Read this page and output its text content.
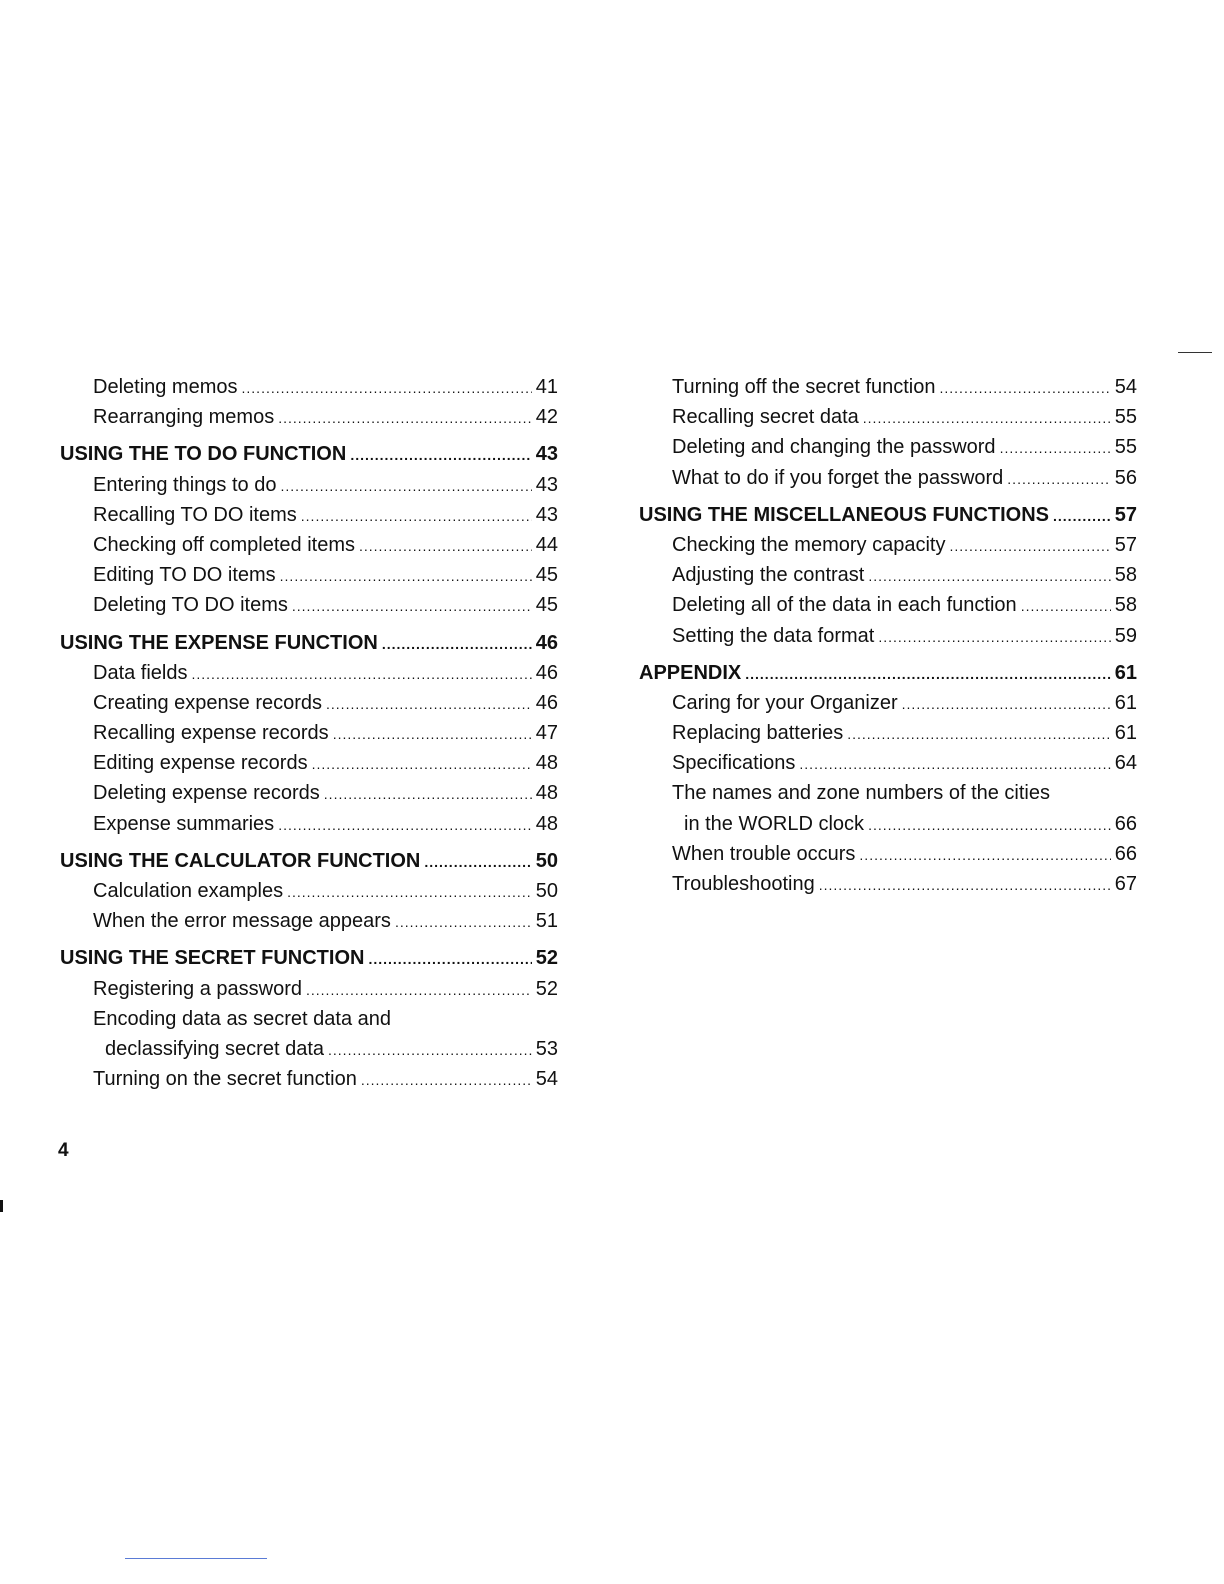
Deleting memos .....	41
Rearranging memos .....	42
USING THE TO DO FUNCTION .....	43
Entering things to do .....	43
Recalling TO DO items .....	43
Checking off completed items .....	44
Editing TO DO items .....	45
Deleting TO DO items .....	45
USING THE EXPENSE FUNCTION .....	46
Data fields .....	46
Creating expense records .....	46
Recalling expense records .....	47
Editing expense records .....	48
Deleting expense records .....	48
Expense summaries .....	48
USING THE CALCULATOR FUNCTION .....	50
Calculation examples .....	50
When the error message appears .....	51
USING THE SECRET FUNCTION .....	52
Registering a password .....	52
Encoding data as secret data and
declassifying secret data .....	53
Turning on the secret function .....	54
Turning off the secret function .....	54
Recalling secret data .....	55
Deleting and changing the password .....	55
What to do if you forget the password .....	56
USING THE MISCELLANEOUS FUNCTIONS .....	57
Checking the memory capacity .....	57
Adjusting the contrast .....	58
Deleting all of the data in each function .....	58
Setting the data format .....	59
APPENDIX .....	61
Caring for your Organizer .....	61
Replacing batteries .....	61
Specifications .....	64
The names and zone numbers of the cities
in the WORLD clock .....	66
When trouble occurs .....	66
Troubleshooting .....	67
4
